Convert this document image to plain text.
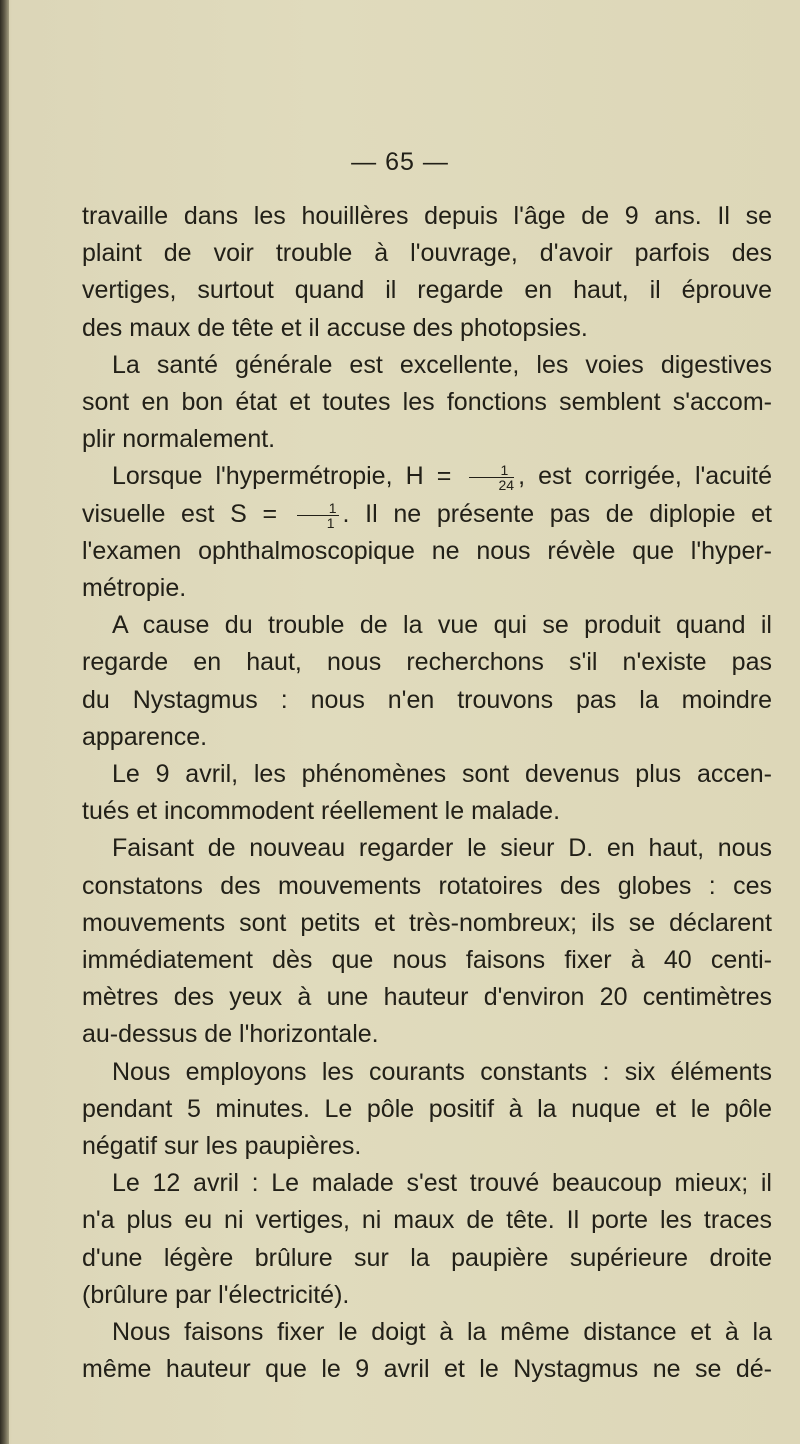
— 65 —

travaille dans les houillères depuis l'âge de 9 ans. Il se
plaint de voir trouble à l'ouvrage, d'avoir parfois des
vertiges, surtout quand il regarde en haut, il éprouve
des maux de tête et il accuse des photopsies.
La santé générale est excellente, les voies digestives
sont en bon état et toutes les fonctions semblent s'accom-
plir normalement.
Lorsque l'hypermétropie, $H = \frac{1}{24}$ , est corrigée, l'acuité
visuelle est $S = \frac{1}{1}$ . Il ne présente pas de diplopie et
l'examen ophthalmoscopique ne nous révèle que l'hyper-
métropie.
A cause du trouble de la vue qui se produit quand il
regarde en haut, nous recherchons s'il n'existe pas
du Nystagmus : nous n'en trouvons pas la moindre
apparence.
Le 9 avril, les phénomènes sont devenus plus accen-
tués et incommodent réellement le malade.
Faisant de nouveau regarder le sieur D. en haut, nous
constatons des mouvements rotatoires des globes : ces
mouvements sont petits et très-nombreux; ils se déclarent
immédiatement dès que nous faisons fixer à 40 centi-
mètres des yeux à une hauteur d'environ 20 centimètres
au-dessus de l'horizontale.
Nous employons les courants constants : six éléments
pendant 5 minutes. Le pôle positif à la nuque et le pôle
négatif sur les paupières.
Le 12 avril : Le malade s'est trouvé beaucoup mieux; il
n'a plus eu ni vertiges, ni maux de tête. Il porte les traces
d'une légère brûlure sur la paupière supérieure droite
(brûlure par l'électricité).
Nous faisons fixer le doigt à la même distance et à la
même hauteur que le 9 avril et le Nystagmus ne se dé-
